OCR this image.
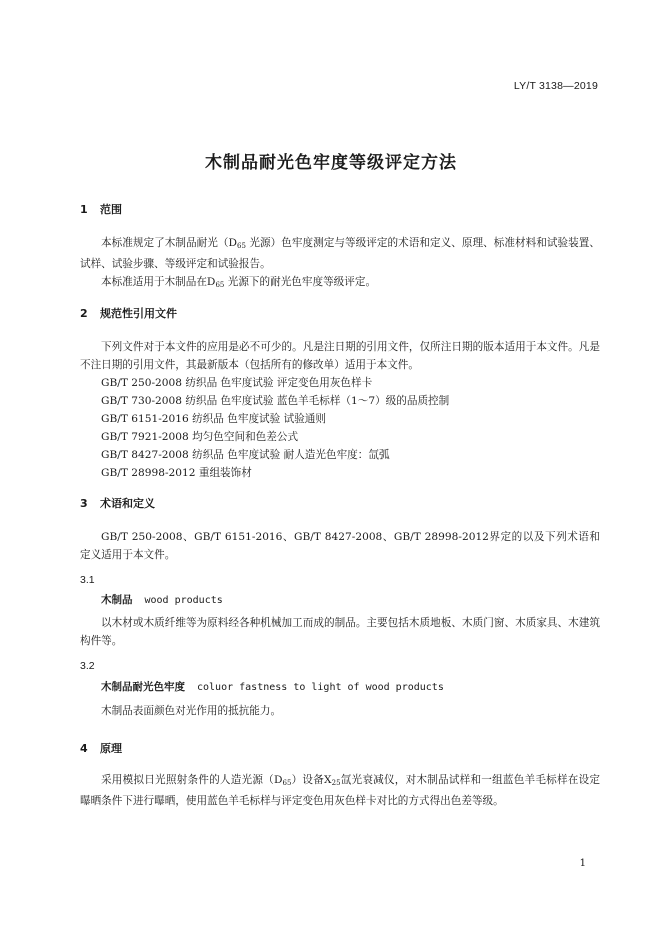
LY/T 3138—2019
木制品耐光色牢度等级评定方法
1 范围

本标准规定了木制品耐光（$D_{65}$ 光源）色牢度测定与等级评定的术语和定义、原理、标准材料和试验装置、试样、试验步骤、等级评定和试验报告。

本标准适用于木制品在$D_{65}$ 光源下的耐光色牢度等级评定。

2 规范性引用文件

下列文件对于本文件的应用是必不可少的。凡是注日期的引用文件，仅所注日期的版本适用于本文件。凡是不注日期的引用文件，其最新版本（包括所有的修改单）适用于本文件。

GB/T 250-2008 纺织品 色牢度试验 评定变色用灰色样卡

GB/T 730-2008 纺织品 色牢度试验 蓝色羊毛标样（1～7）级的品质控制

GB/T 6151-2016 纺织品 色牢度试验 试验通则

GB/T 7921-2008 均匀色空间和色差公式

GB/T 8427-2008 纺织品 色牢度试验 耐人造光色牢度：氙弧

GB/T 28998-2012 重组装饰材

3 术语和定义

GB/T 250-2008、GB/T 6151-2016、GB/T 8427-2008、GB/T 28998-2012界定的以及下列术语和定义适用于本文件。

3.1
木制品 wood products

以木材或木质纤维等为原料经各种机械加工而成的制品。主要包括木质地板、木质门窗、木质家具、木建筑构件等。

3.2
木制品耐光色牢度 coluor fastness to light of wood products

木制品表面颜色对光作用的抵抗能力。

4 原理

采用模拟日光照射条件的人造光源$(D_{65})$设备$X_{25}$氙光衰减仪，对木制品试样和一组蓝色羊毛标样在设定曝晒条件下进行曝晒，使用蓝色羊毛标样与评定变色用灰色样卡对比的方式得出色差等级。

1
